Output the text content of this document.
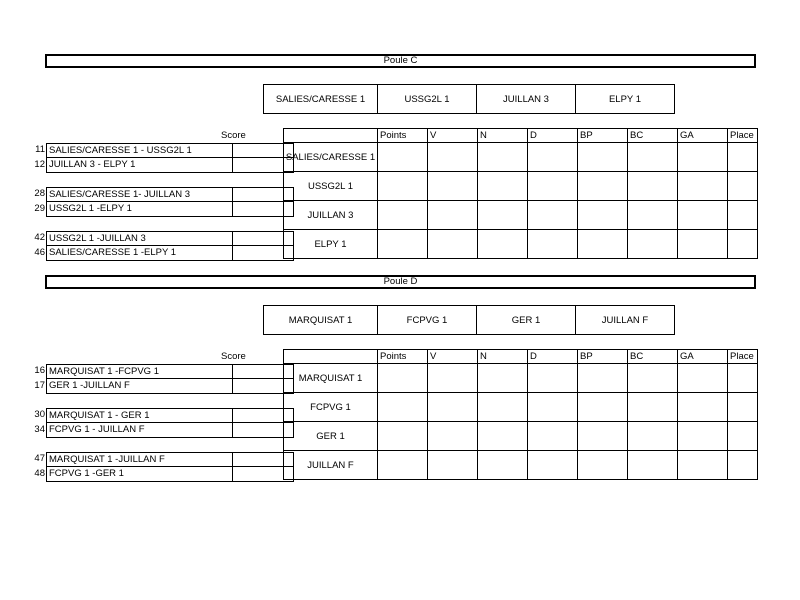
Poule C
SALIES/CARESSE 1	USSG2L 1	JUILLAN 3	ELPY 1
Score
11 SALIES/CARESSE 1 - USSG2L 1
12 JUILLAN 3 - ELPY 1
28 SALIES/CARESSE 1- JUILLAN 3
29 USSG2L 1 -ELPY 1
42 USSG2L 1 -JUILLAN 3
46 SALIES/CARESSE 1 -ELPY 1
	Points	V	N	D	BP	BC	GA	Place
SALIES/CARESSE 1								
USSG2L 1								
JUILLAN 3								
ELPY 1								
Poule D
MARQUISAT 1	FCPVG 1	GER 1	JUILLAN F
Score
16 MARQUISAT 1 -FCPVG 1
17 GER 1 -JUILLAN F
30 MARQUISAT 1 - GER 1
34 FCPVG 1 - JUILLAN F
47 MARQUISAT 1 -JUILLAN F
48 FCPVG 1 -GER 1
	Points	V	N	D	BP	BC	GA	Place
MARQUISAT 1								
FCPVG 1								
GER 1								
JUILLAN F								
